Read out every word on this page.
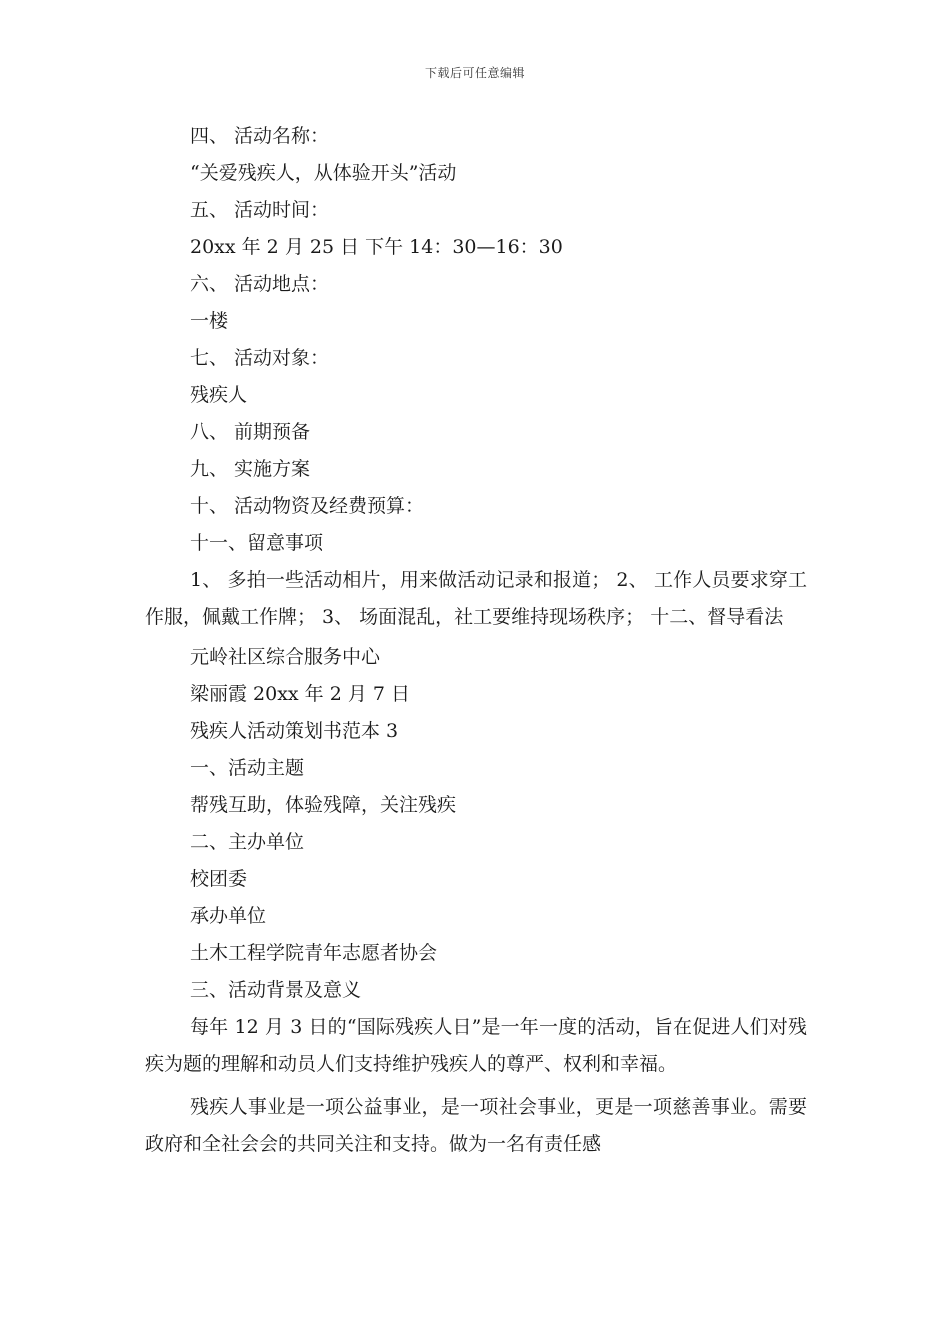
下载后可任意编辑

四、 活动名称：

“关爱残疾人，从体验开头”活动

五、 活动时间：

20xx 年 2 月 25 日 下午 14：30—16：30

六、 活动地点：

一楼

七、 活动对象：

残疾人

八、 前期预备

九、 实施方案

十、 活动物资及经费预算：

十一、留意事项

1、 多拍一些活动相片，用来做活动记录和报道； 2、 工作人员要求穿工作服，佩戴工作牌； 3、 场面混乱，社工要维持现场秩序； 十二、督导看法

元岭社区综合服务中心

梁丽霞 20xx 年 2 月 7 日

残疾人活动策划书范本 3

一、活动主题

帮残互助，体验残障，关注残疾

二、主办单位

校团委

承办单位

土木工程学院青年志愿者协会

三、活动背景及意义

每年 12 月 3 日的“国际残疾人日”是一年一度的活动，旨在促进人们对残疾为题的理解和动员人们支持维护残疾人的尊严、权利和幸福。

残疾人事业是一项公益事业，是一项社会事业，更是一项慈善事业。需要政府和全社会会的共同关注和支持。做为一名有责任感
